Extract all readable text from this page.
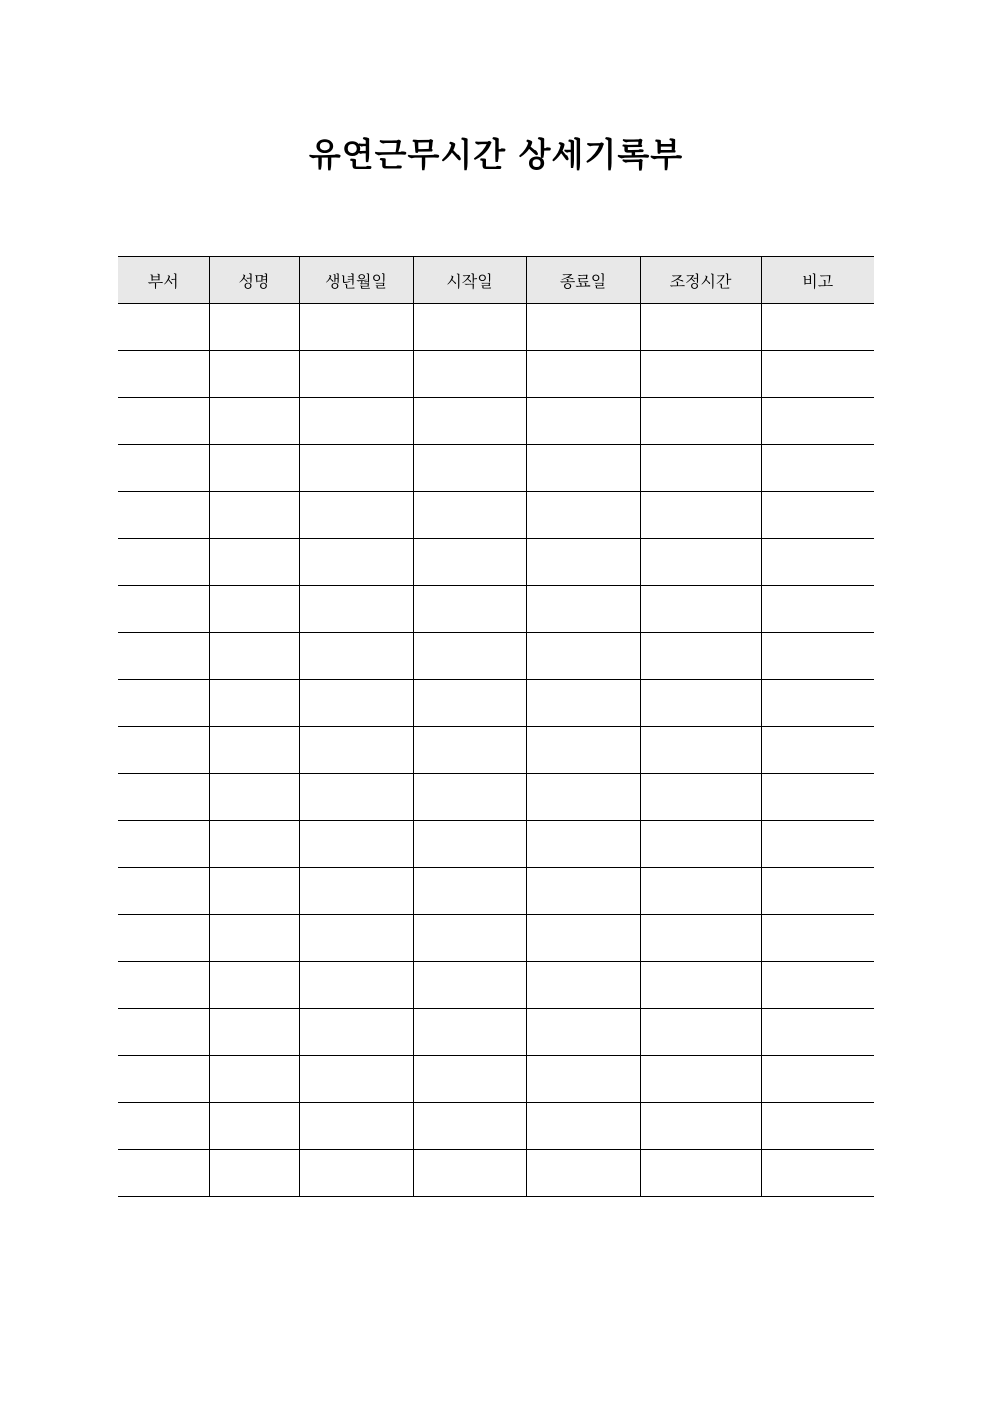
유연근무시간 상세기록부
부서	성명	생년월일	시작일	종료일	조정시간	비고
